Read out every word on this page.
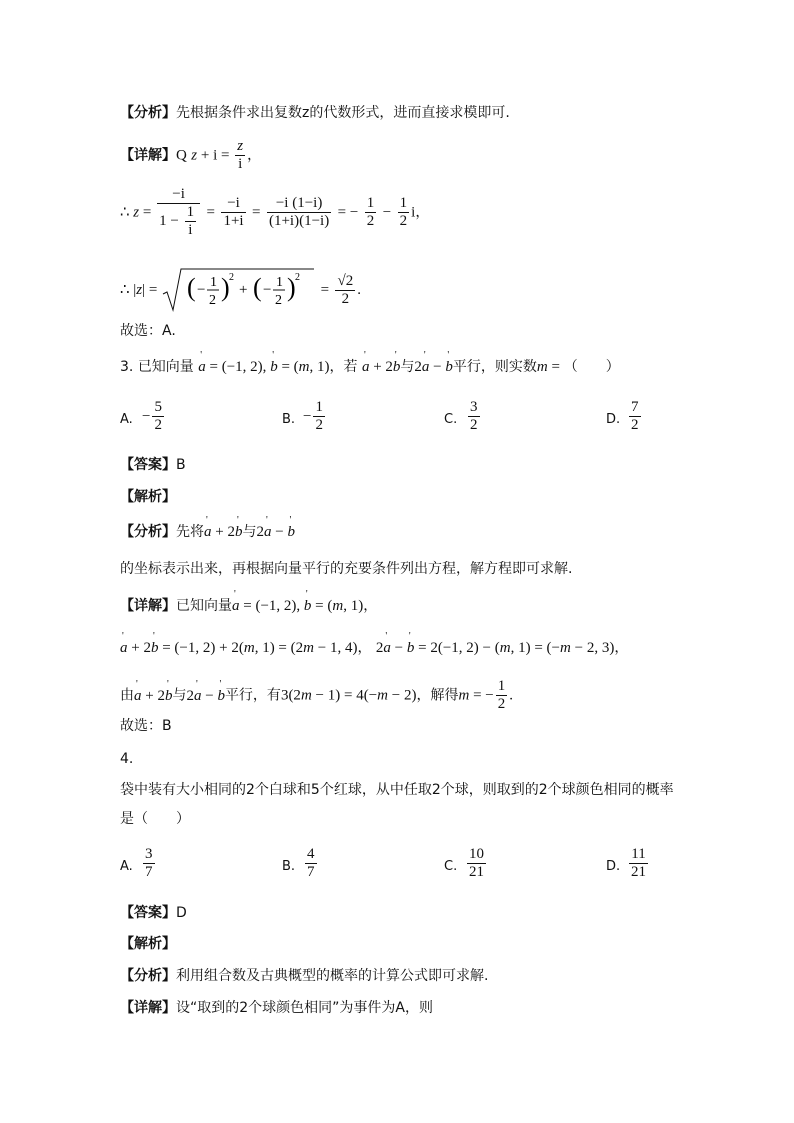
【分析】先根据条件求出复数z的代数形式，进而直接求模即可.
【详解】Q $z + i = \frac{z}{i}$ ，
∴ $z = \frac{-i}{1 - \frac{1}{i}} = \frac{-i}{1+i} = \frac{-i (1-i)}{(1+i)(1-i)}$ = − $\frac{1}{2} - \frac{1}{2}$ i，
∴ |z| = ( − 1
2 ) 2
+ ( − 1
2 ) 2
= $\frac{√2}{2}$ .
故选：A.
3. 已知向量 ' a = (−1, 2), ' b = (m, 1)，若 ' a + 2' b与2' a − ' b平行，则实数m = （　　）
A. − $\frac{5}{2}$	B. − $\frac{1}{2}$	C. $\frac{3}{2}$	D. $\frac{7}{2}$
【答案】B
【解析】
【分析】先将' a + 2' b与2' a − ' b
的坐标表示出来，再根据向量平行的充要条件列出方程，解方程即可求解.
【详解】已知向量' a = (−1, 2), ' b = (m, 1)，
' a + 2' b = (−1, 2) + 2(m, 1) = (2m − 1, 4)， 2' a − ' b = 2(−1, 2) − (m, 1) = (−m − 2, 3)，
由' a + 2' b与2' a − ' b平行，有3(2m − 1) = 4(−m − 2)，解得m = − $\frac{1}{2}$ .
故选：B
4.
袋中装有大小相同的2个白球和5个红球，从中任取2个球，则取到的2个球颜色相同的概率
是（　　）
A. $\frac{3}{7}$	B. $\frac{4}{7}$	C. $\frac{10}{21}$	D. $\frac{11}{21}$
【答案】D
【解析】
【分析】利用组合数及古典概型的概率的计算公式即可求解.
【详解】设“取到的2个球颜色相同”为事件为A，则
